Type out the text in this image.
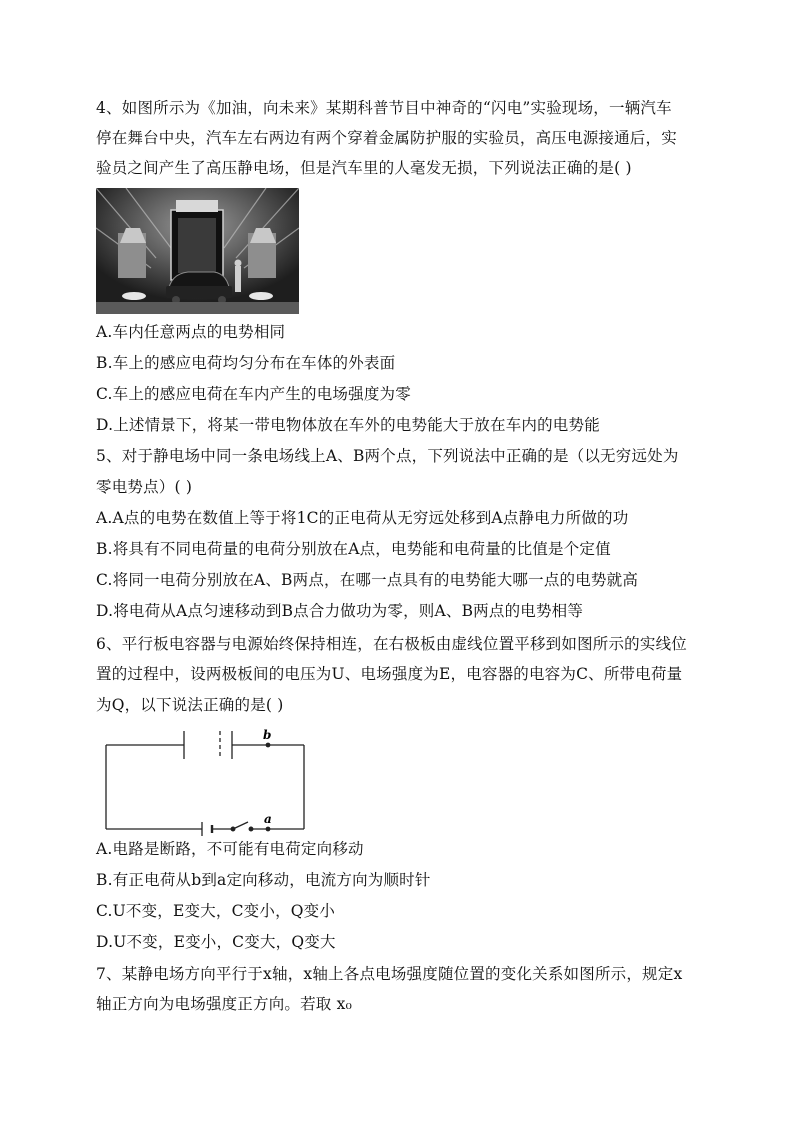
4、如图所示为《加油，向未来》某期科普节目中神奇的“闪电”实验现场，一辆汽车
停在舞台中央，汽车左右两边有两个穿着金属防护服的实验员，高压电源接通后，实
验员之间产生了高压静电场，但是汽车里的人毫发无损，下列说法正确的是( )
A.车内任意两点的电势相同
B.车上的感应电荷均匀分布在车体的外表面
C.车上的感应电荷在车内产生的电场强度为零
D.上述情景下，将某一带电物体放在车外的电势能大于放在车内的电势能
5、对于静电场中同一条电场线上A、B两个点，下列说法中正确的是（以无穷远处为
零电势点）( )
A.A点的电势在数值上等于将1C的正电荷从无穷远处移到A点静电力所做的功
B.将具有不同电荷量的电荷分别放在A点，电势能和电荷量的比值是个定值
C.将同一电荷分别放在A、B两点，在哪一点具有的电势能大哪一点的电势就高
D.将电荷从A点匀速移动到B点合力做功为零，则A、B两点的电势相等
6、平行板电容器与电源始终保持相连，在右极板由虚线位置平移到如图所示的实线位
置的过程中，设两极板间的电压为U、电场强度为E，电容器的电容为C、所带电荷量
为Q，以下说法正确的是( )
b
a
A.电路是断路，不可能有电荷定向移动
B.有正电荷从b到a定向移动，电流方向为顺时针
C.U不变，E变大，C变小，Q变小
D.U不变，E变小，C变大，Q变大
7、某静电场方向平行于x轴，x轴上各点电场强度随位置的变化关系如图所示，规定x
轴正方向为电场强度正方向。若取 x₀
